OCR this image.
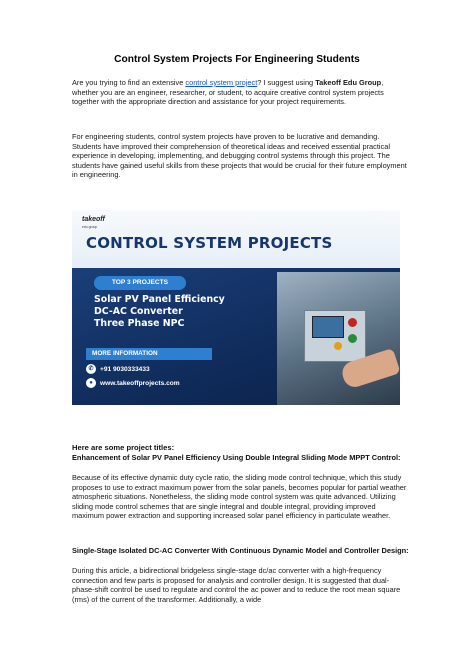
Control System Projects For Engineering Students
Are you trying to find an extensive control system project? I suggest using Takeoff Edu Group, whether you are an engineer, researcher, or student, to acquire creative control system projects together with the appropriate direction and assistance for your project requirements.
For engineering students, control system projects have proven to be lucrative and demanding. Students have improved their comprehension of theoretical ideas and received essential practical experience in developing, implementing, and debugging control systems through this project. The students have gained useful skills from these projects that would be crucial for their future employment in engineering.
takeoff
edu group
CONTROL SYSTEM PROJECTS
TOP 3 PROJECTS
Solar PV Panel Efficiency
DC-AC Converter
Three Phase NPC
MORE INFORMATION
✆ +91 9030333433
● www.takeoffprojects.com
Here are some project titles:
Enhancement of Solar PV Panel Efficiency Using Double Integral Sliding Mode MPPT Control:
Because of its effective dynamic duty cycle ratio, the sliding mode control technique, which this study proposes to use to extract maximum power from the solar panels, becomes popular for partial weather atmospheric situations. Nonetheless, the sliding mode control system was quite advanced. Utilizing sliding mode control schemes that are single integral and double integral, providing improved maximum power extraction and supporting increased solar panel efficiency in particulate weather.
Single-Stage Isolated DC-AC Converter With Continuous Dynamic Model and Controller Design:
During this article, a bidirectional bridgeless single-stage dc/ac converter with a high-frequency connection and few parts is proposed for analysis and controller design. It is suggested that dual-phase-shift control be used to regulate and control the ac power and to reduce the root mean square (rms) of the current of the transformer. Additionally, a wide
